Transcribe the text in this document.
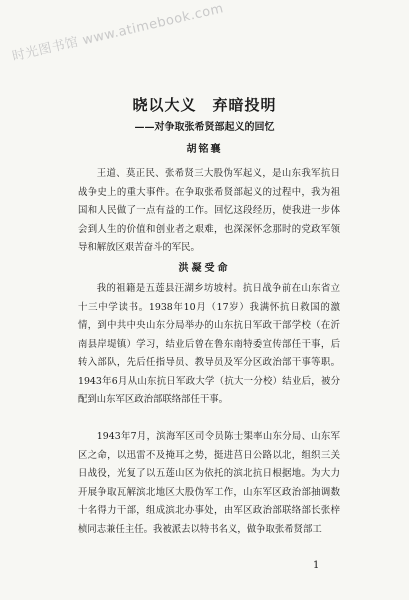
时光图书馆 www.atimebook.com
晓以大义　弃暗投明
——对争取张希贤部起义的回忆
胡铭襄

王道、莫正民、张希贤三大股伪军起义，是山东我军抗日战争史上的重大事件。在争取张希贤部起义的过程中，我为祖国和人民做了一点有益的工作。回忆这段经历，使我进一步体会到人生的价值和创业者之艰难，也深深怀念那时的党政军领导和解放区艰苦奋斗的军民。

洪凝受命

我的祖籍是五莲县汪湖乡坊坡村。抗日战争前在山东省立十三中学读书。1938年10月（17岁）我满怀抗日救国的激情，到中共中央山东分局举办的山东抗日军政干部学校（在沂南县岸堤镇）学习，结业后曾在鲁东南特委宣传部任干事，后转入部队，先后任指导员、教导员及军分区政治部干事等职。1943年6月从山东抗日军政大学（抗大一分校）结业后，被分配到山东军区政治部联络部任干事。

1943年7月，滨海军区司令员陈士榘率山东分局、山东军区之命，以迅雷不及掩耳之势，挺进莒日公路以北，组织三关日战役，光复了以五莲山区为依托的滨北抗日根据地。为大力开展争取瓦解滨北地区大股伪军工作，山东军区政治部抽调数十名得力干部，组成滨北办事处，由军区政治部联络部长张梓桢同志兼任主任。我被派去以特书名义，做争取张希贤部工

1
